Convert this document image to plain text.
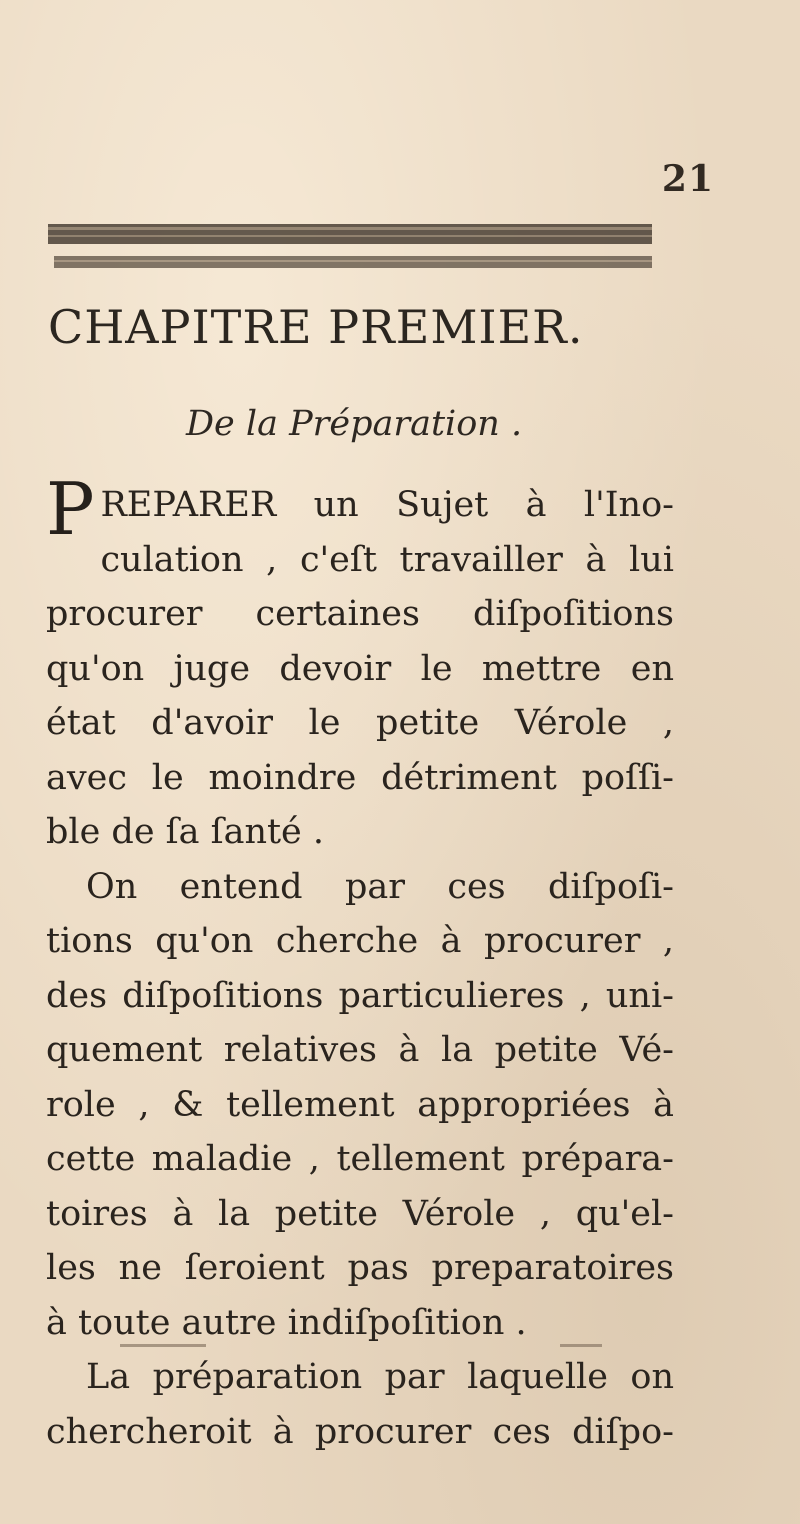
21
CHAPITRE PREMIER.
De la Préparation .

P REPARER un Sujet à l'Ino-
culation , c'eſt travailler à lui
procurer certaines diſpoſitions
qu'on juge devoir le mettre en
état d'avoir le petite Vérole ,
avec le moindre détriment poſſi-
ble de ſa ſanté .

On entend par ces diſpoſi-
tions qu'on cherche à procurer ,
des diſpoſitions particulieres , uni-
quement relatives à la petite Vé-
role , & tellement appropriées à
cette maladie , tellement prépara-
toires à la petite Vérole , qu'el-
les ne ſeroient pas preparatoires
à toute autre indiſpoſition .

La préparation par laquelle on
chercheroit à procurer ces diſpo-
